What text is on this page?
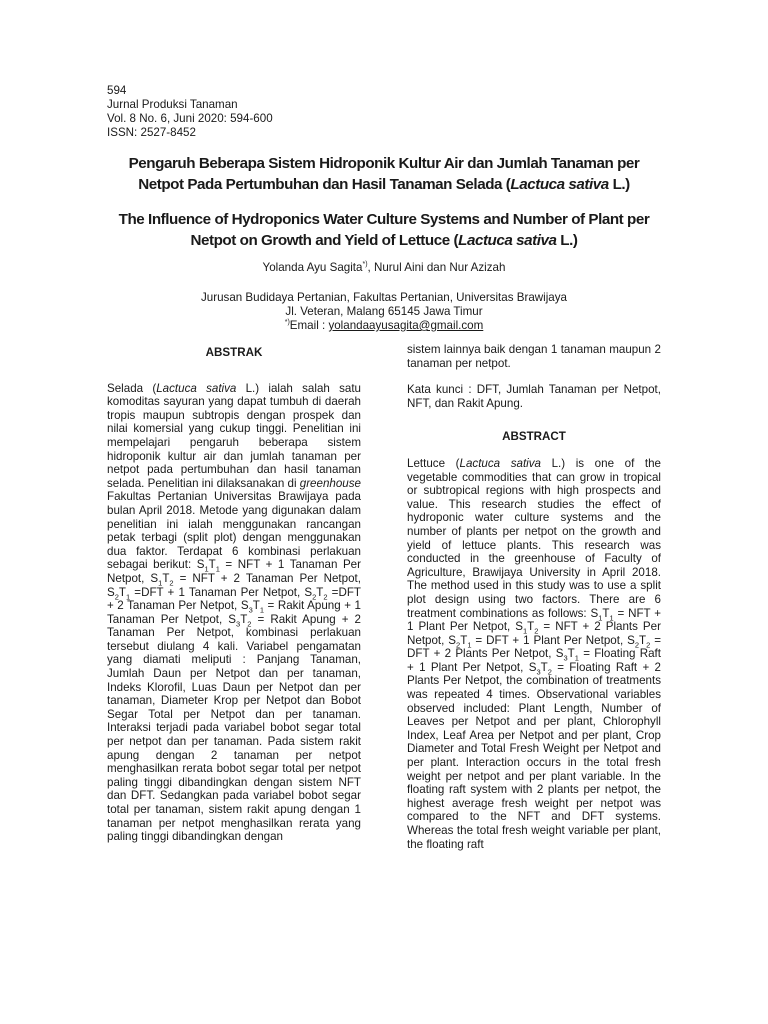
594
Jurnal Produksi Tanaman
Vol. 8 No. 6, Juni 2020: 594-600
ISSN: 2527-8452
Pengaruh Beberapa Sistem Hidroponik Kultur Air dan Jumlah Tanaman per
Netpot Pada Pertumbuhan dan Hasil Tanaman Selada (Lactuca sativa L.)
The Influence of Hydroponics Water Culture Systems and Number of Plant per
Netpot on Growth and Yield of Lettuce (Lactuca sativa L.)
Yolanda Ayu Sagita*), Nurul Aini dan Nur Azizah
Jurusan Budidaya Pertanian, Fakultas Pertanian, Universitas Brawijaya
Jl. Veteran, Malang 65145 Jawa Timur
*)Email : yolandaayusagita@gmail.com
ABSTRAK

Selada (Lactuca sativa L.) ialah salah satu komoditas sayuran yang dapat tumbuh di daerah tropis maupun subtropis dengan prospek dan nilai komersial yang cukup tinggi. Penelitian ini mempelajari pengaruh beberapa sistem hidroponik kultur air dan jumlah tanaman per netpot pada pertumbuhan dan hasil tanaman selada. Penelitian ini dilaksanakan di greenhouse Fakultas Pertanian Universitas Brawijaya pada bulan April 2018. Metode yang digunakan dalam penelitian ini ialah menggunakan rancangan petak terbagi (split plot) dengan menggunakan dua faktor. Terdapat 6 kombinasi perlakuan sebagai berikut: $S_1T_1$ = NFT + 1 Tanaman Per Netpot, $S_1T_2$ = NFT + 2 Tanaman Per Netpot, $S_2T_1 =DFT + 1$ Tanaman Per Netpot, $S_2T_2 =DFT + 2$ Tanaman Per Netpot, $S_3T_1$ = Rakit Apung + 1 Tanaman Per Netpot, $S_3T_2$ = Rakit Apung + 2 Tanaman Per Netpot, kombinasi perlakuan tersebut diulang 4 kali. Variabel pengamatan yang diamati meliputi : Panjang Tanaman, Jumlah Daun per Netpot dan per tanaman, Indeks Klorofil, Luas Daun per Netpot dan per tanaman, Diameter Krop per Netpot dan Bobot Segar Total per Netpot dan per tanaman. Interaksi terjadi pada variabel bobot segar total per netpot dan per tanaman. Pada sistem rakit apung dengan 2 tanaman per netpot menghasilkan rerata bobot segar total per netpot paling tinggi dibandingkan dengan sistem NFT dan DFT. Sedangkan pada variabel bobot segar total per tanaman, sistem rakit apung dengan 1 tanaman per netpot menghasilkan rerata yang paling tinggi dibandingkan dengan

sistem lainnya baik dengan 1 tanaman maupun 2 tanaman per netpot.

Kata kunci : DFT, Jumlah Tanaman per Netpot, NFT, dan Rakit Apung.

ABSTRACT

Lettuce (Lactuca sativa L.) is one of the vegetable commodities that can grow in tropical or subtropical regions with high prospects and value. This research studies the effect of hydroponic water culture systems and the number of plants per netpot on the growth and yield of lettuce plants. This research was conducted in the greenhouse of Faculty of Agriculture, Brawijaya University in April 2018. The method used in this study was to use a split plot design using two factors. There are 6 treatment combinations as follows: $S_1T_1$ = NFT + 1 Plant Per Netpot, $S_1T_2$ = NFT + 2 Plants Per Netpot, $S_2T_1$ = DFT + 1 Plant Per Netpot, $S_2T_2$ = DFT + 2 Plants Per Netpot, $S_3T_1$ = Floating Raft + 1 Plant Per Netpot, $S_3T_2$ = Floating Raft + 2 Plants Per Netpot, the combination of treatments was repeated 4 times. Observational variables observed included: Plant Length, Number of Leaves per Netpot and per plant, Chlorophyll Index, Leaf Area per Netpot and per plant, Crop Diameter and Total Fresh Weight per Netpot and per plant. Interaction occurs in the total fresh weight per netpot and per plant variable. In the floating raft system with 2 plants per netpot, the highest average fresh weight per netpot was compared to the NFT and DFT systems. Whereas the total fresh weight variable per plant, the floating raft
